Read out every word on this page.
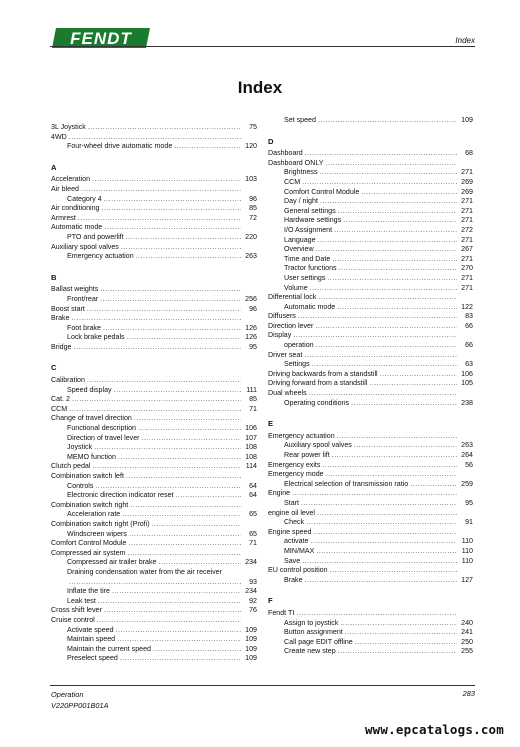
FENDT	Index
Index
3L Joystick .....	75
4WD
.....
Four-wheel drive automatic mode .....	120
A
Acceleration .....	103
Air bleed
.....
Category 4 .....	96
Air conditioning .....	85
Armrest .....	72
Automatic mode
.....
PTO and powerlift .....	220
Auxiliary spool valves
.....
Emergency actuation .....	263
B
Ballast weights
.....
Front/rear .....	256
Boost start .....	96
Brake
.....
Foot brake .....	126
Lock brake pedals .....	126
Bridge .....	95
C
Calibration
.....
Speed display .....	111
Cat. 2 .....	85
CCM .....	71
Change of travel direction
.....
Functional description .....	106
Direction of travel lever .....	107
Joystick .....	108
MEMO function .....	108
Clutch pedal .....	114
Combination switch left
.....
Controls .....	64
Electronic direction indicator reset .....	64
Combination switch right
.....
Acceleration rate .....	65
Combination switch right (Profi)
.....
Windscreen wipers .....	65
Comfort Control Module .....	71
Compressed air system
.....
Compressed air trailer brake .....	234
Draining condensation water from the air receiver
.....
93
Inflate the tire .....	234
Leak test .....	92
Cross shift lever .....	76
Cruise control
.....
Activate speed .....	109
Maintain speed .....	109
Maintain the current speed .....	109
Preselect speed .....	109
Set speed .....	109
D
Dashboard .....	68
Dashboard ONLY
.....
Brightness .....	271
CCM .....	269
Comfort Control Module .....	269
Day / night .....	271
General settings .....	271
Hardware settings .....	271
I/O Assignment .....	272
Language .....	271
Overview .....	267
Time and Date .....	271
Tractor functions .....	270
User settings .....	271
Volume .....	271
Differential lock
.....
Automatic mode .....	122
Diffusers .....	83
Direction lever .....	66
Display
.....
operation .....	66
Driver seat
.....
Settings .....	63
Driving backwards from a standstill .....	106
Driving forward from a standstill .....	105
Dual wheels
.....
Operating conditions .....	238
E
Emergency actuation
.....
Auxiliary spool valves .....	263
Rear power lift .....	264
Emergency exits .....	56
Emergency mode
.....
Electrical selection of transmission ratio .....	259
Engine
.....
Start .....	95
engine oil level
.....
Check .....	91
Engine speed
.....
activate .....	110
MIN/MAX .....	110
Save .....	110
EU control position
.....
Brake .....	127
F
Fendt TI
.....
Assign to joystick .....	240
Button assignment .....	241
Call page EDIT offline .....	250
Create new step .....	255
Operation
V220PP001B01A
283
www.epcatalogs.com
